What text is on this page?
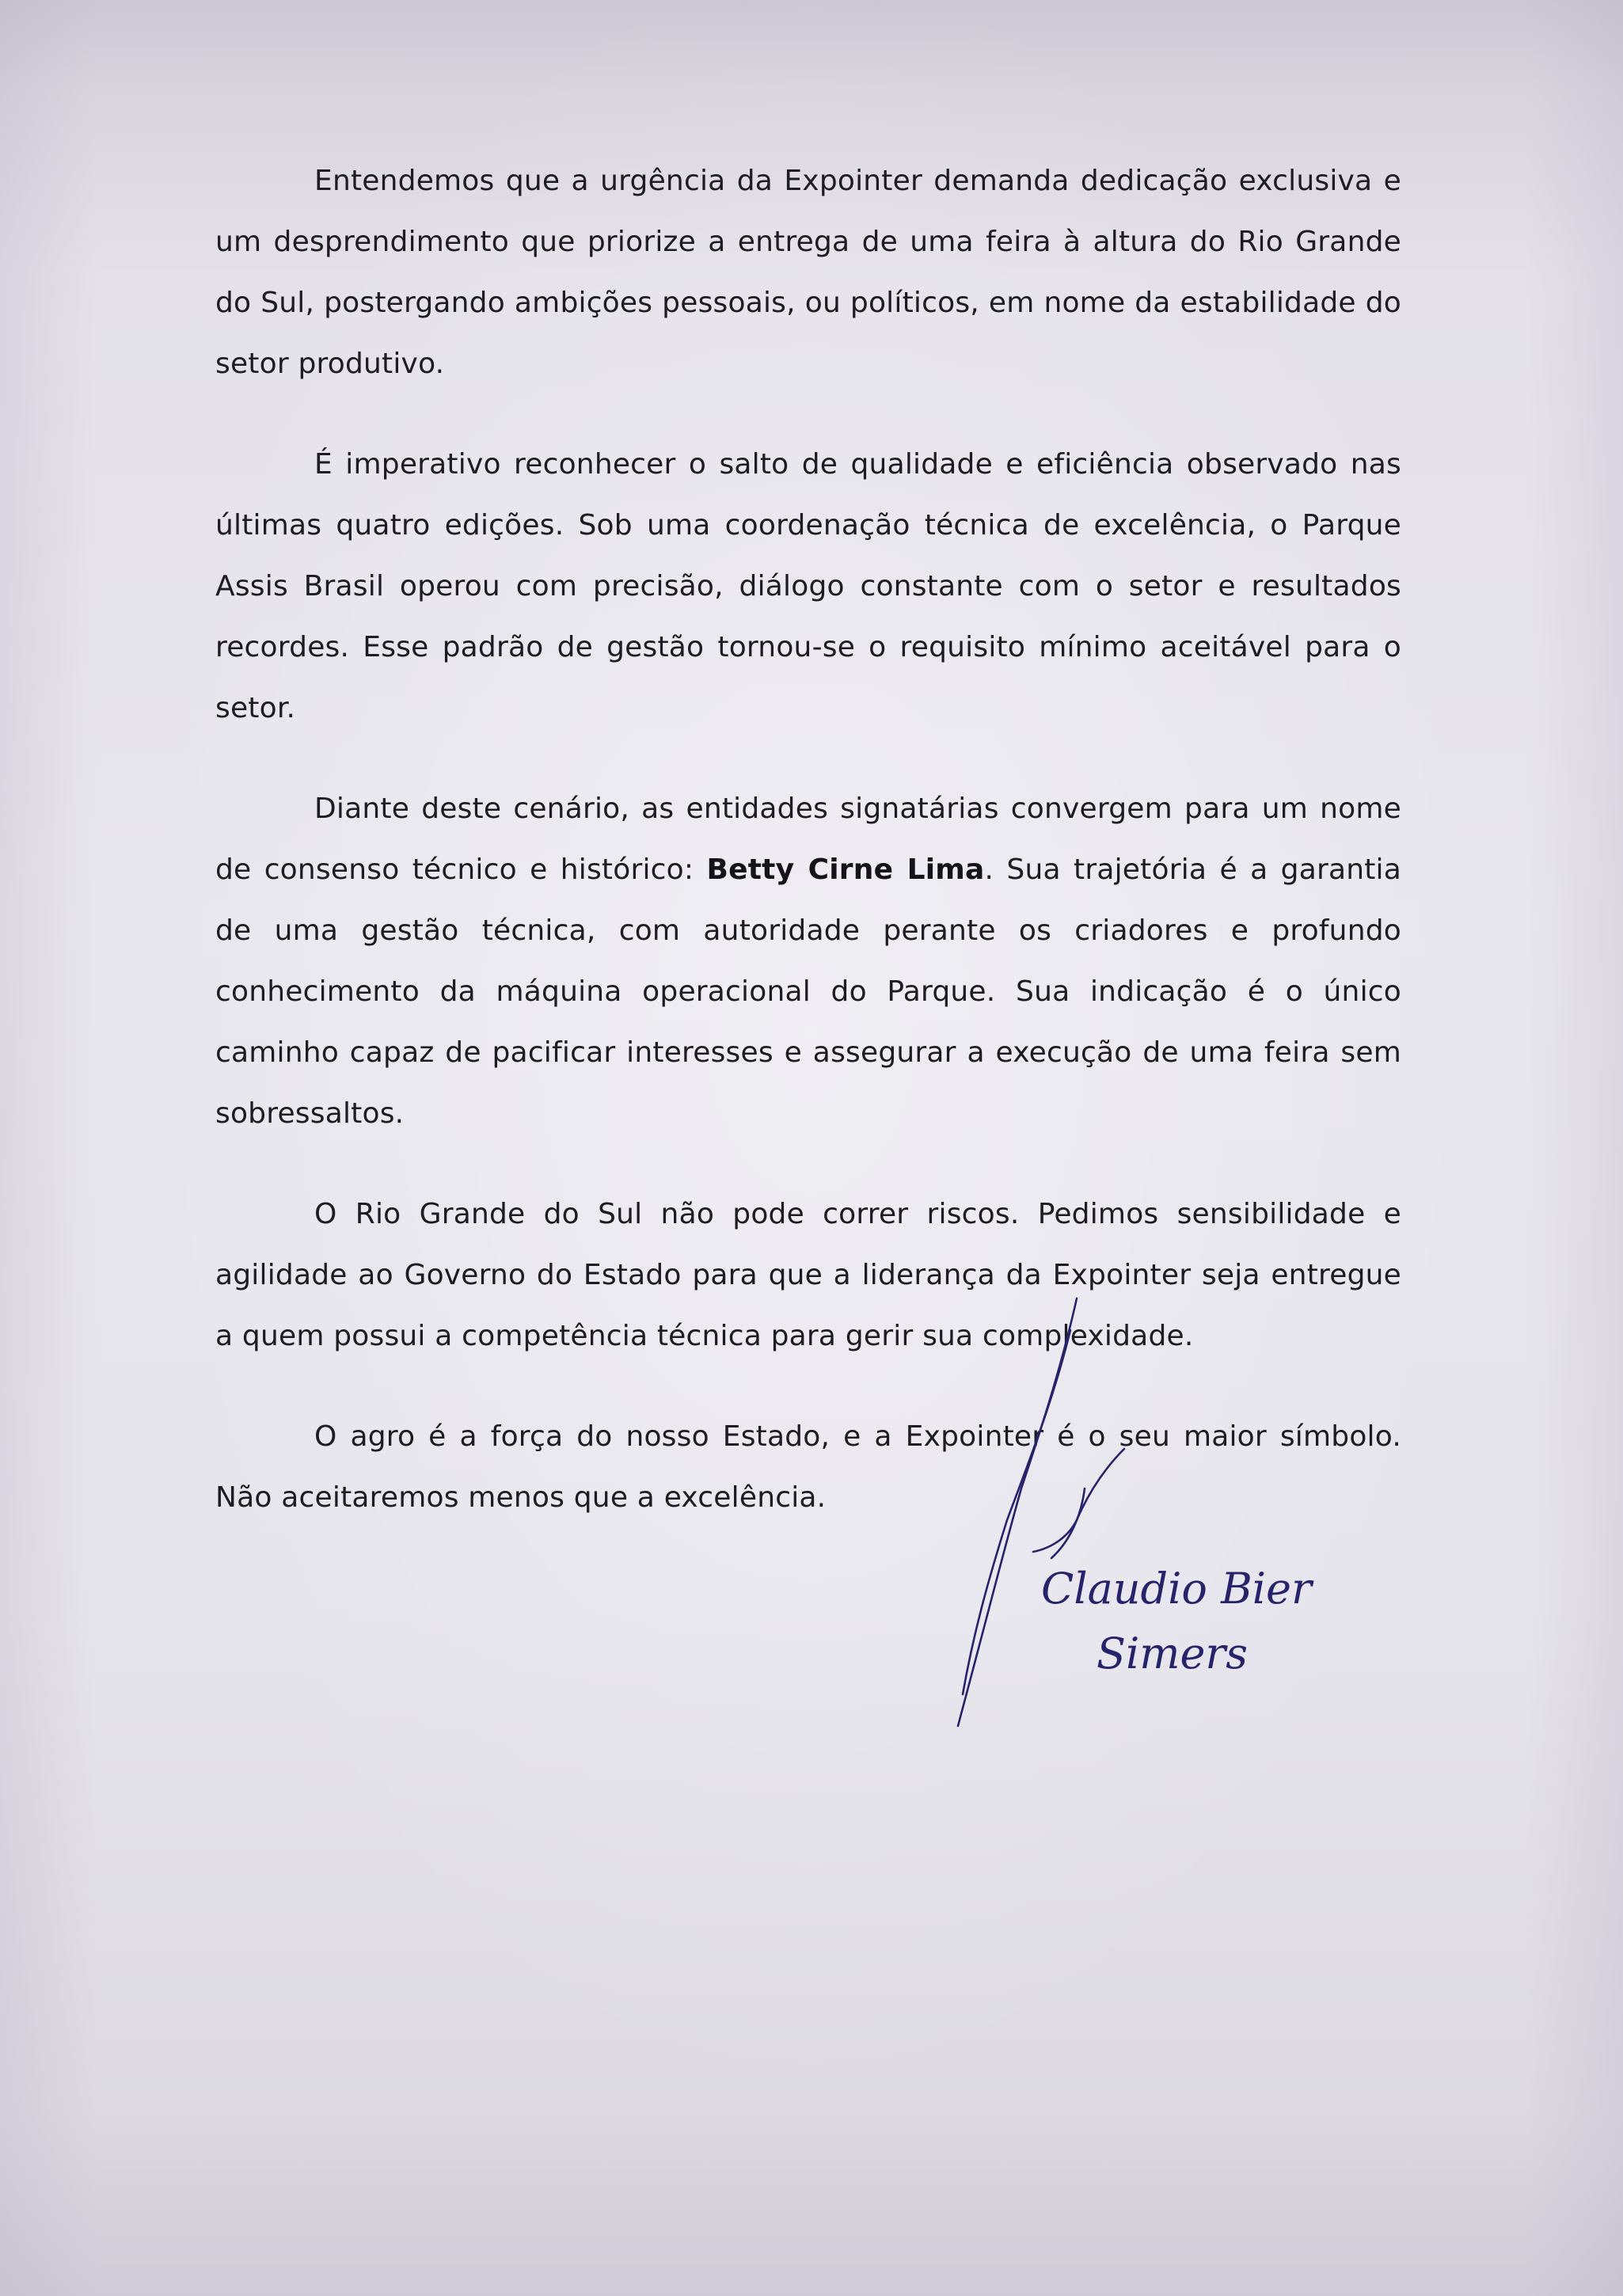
Entendemos que a urgência da Expointer demanda dedicação exclusiva e um desprendimento que priorize a entrega de uma feira à altura do Rio Grande do Sul, postergando ambições pessoais, ou políticos, em nome da estabilidade do setor produtivo.

É imperativo reconhecer o salto de qualidade e eficiência observado nas últimas quatro edições. Sob uma coordenação técnica de excelência, o Parque Assis Brasil operou com precisão, diálogo constante com o setor e resultados recordes. Esse padrão de gestão tornou-se o requisito mínimo aceitável para o setor.

Diante deste cenário, as entidades signatárias convergem para um nome de consenso técnico e histórico: Betty Cirne Lima. Sua trajetória é a garantia de uma gestão técnica, com autoridade perante os criadores e profundo conhecimento da máquina operacional do Parque. Sua indicação é o único caminho capaz de pacificar interesses e assegurar a execução de uma feira sem sobressaltos.

O Rio Grande do Sul não pode correr riscos. Pedimos sensibilidade e agilidade ao Governo do Estado para que a liderança da Expointer seja entregue a quem possui a competência técnica para gerir sua complexidade.

O agro é a força do nosso Estado, e a Expointer é o seu maior símbolo. Não aceitaremos menos que a excelência.

Claudio Bier
Simers
